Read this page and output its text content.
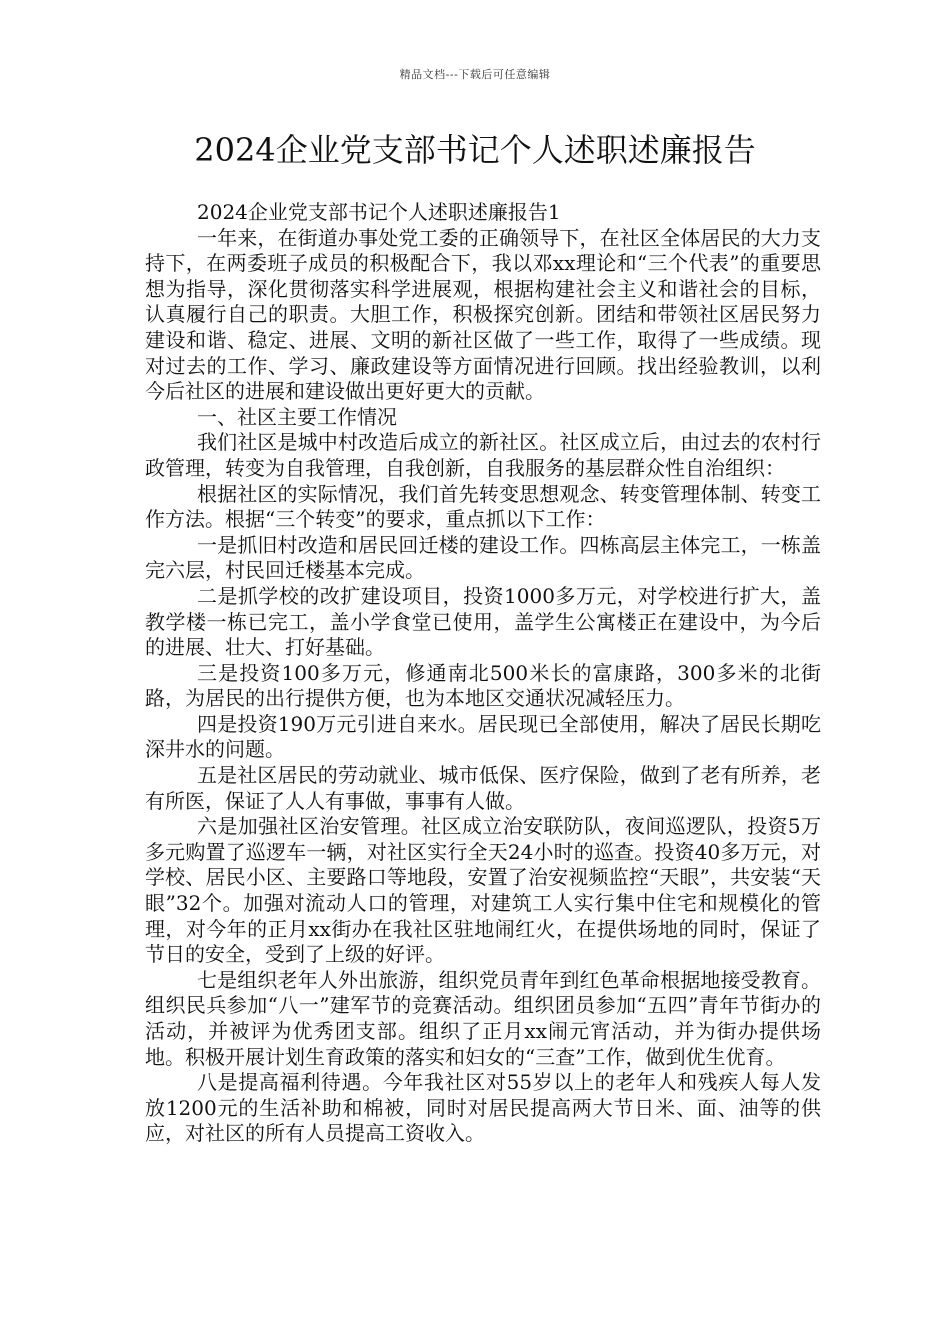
精品文档---下载后可任意编辑
2024企业党支部书记个人述职述廉报告

2024企业党支部书记个人述职述廉报告1

一年来，在街道办事处党工委的正确领导下，在社区全体居民的大力支持下，在两委班子成员的积极配合下，我以邓xx理论和“三个代表”的重要思想为指导，深化贯彻落实科学进展观，根据构建社会主义和谐社会的目标，认真履行自己的职责。大胆工作，积极探究创新。团结和带领社区居民努力建设和谐、稳定、进展、文明的新社区做了一些工作，取得了一些成绩。现对过去的工作、学习、廉政建设等方面情况进行回顾。找出经验教训，以利今后社区的进展和建设做出更好更大的贡献。

一、社区主要工作情况

我们社区是城中村改造后成立的新社区。社区成立后，由过去的农村行政管理，转变为自我管理，自我创新，自我服务的基层群众性自治组织：

根据社区的实际情况，我们首先转变思想观念、转变管理体制、转变工作方法。根据“三个转变”的要求，重点抓以下工作：

一是抓旧村改造和居民回迁楼的建设工作。四栋高层主体完工，一栋盖完六层，村民回迁楼基本完成。

二是抓学校的改扩建设项目，投资1000多万元，对学校进行扩大，盖教学楼一栋已完工，盖小学食堂已使用，盖学生公寓楼正在建设中，为今后的进展、壮大、打好基础。

三是投资100多万元，修通南北500米长的富康路，300多米的北街路，为居民的出行提供方便，也为本地区交通状况减轻压力。

四是投资190万元引进自来水。居民现已全部使用，解决了居民长期吃深井水的问题。

五是社区居民的劳动就业、城市低保、医疗保险，做到了老有所养，老有所医，保证了人人有事做，事事有人做。

六是加强社区治安管理。社区成立治安联防队，夜间巡逻队，投资5万多元购置了巡逻车一辆，对社区实行全天24小时的巡查。投资40多万元，对学校、居民小区、主要路口等地段，安置了治安视频监控“天眼”，共安装“天眼”32个。加强对流动人口的管理，对建筑工人实行集中住宅和规模化的管理，对今年的正月xx街办在我社区驻地闹红火，在提供场地的同时，保证了节日的安全，受到了上级的好评。

七是组织老年人外出旅游，组织党员青年到红色革命根据地接受教育。组织民兵参加“八一”建军节的竞赛活动。组织团员参加“五四”青年节街办的活动，并被评为优秀团支部。组织了正月xx闹元宵活动，并为街办提供场地。积极开展计划生育政策的落实和妇女的“三查”工作，做到优生优育。

八是提高福利待遇。今年我社区对55岁以上的老年人和残疾人每人发放1200元的生活补助和棉被，同时对居民提高两大节日米、面、油等的供应，对社区的所有人员提高工资收入。
